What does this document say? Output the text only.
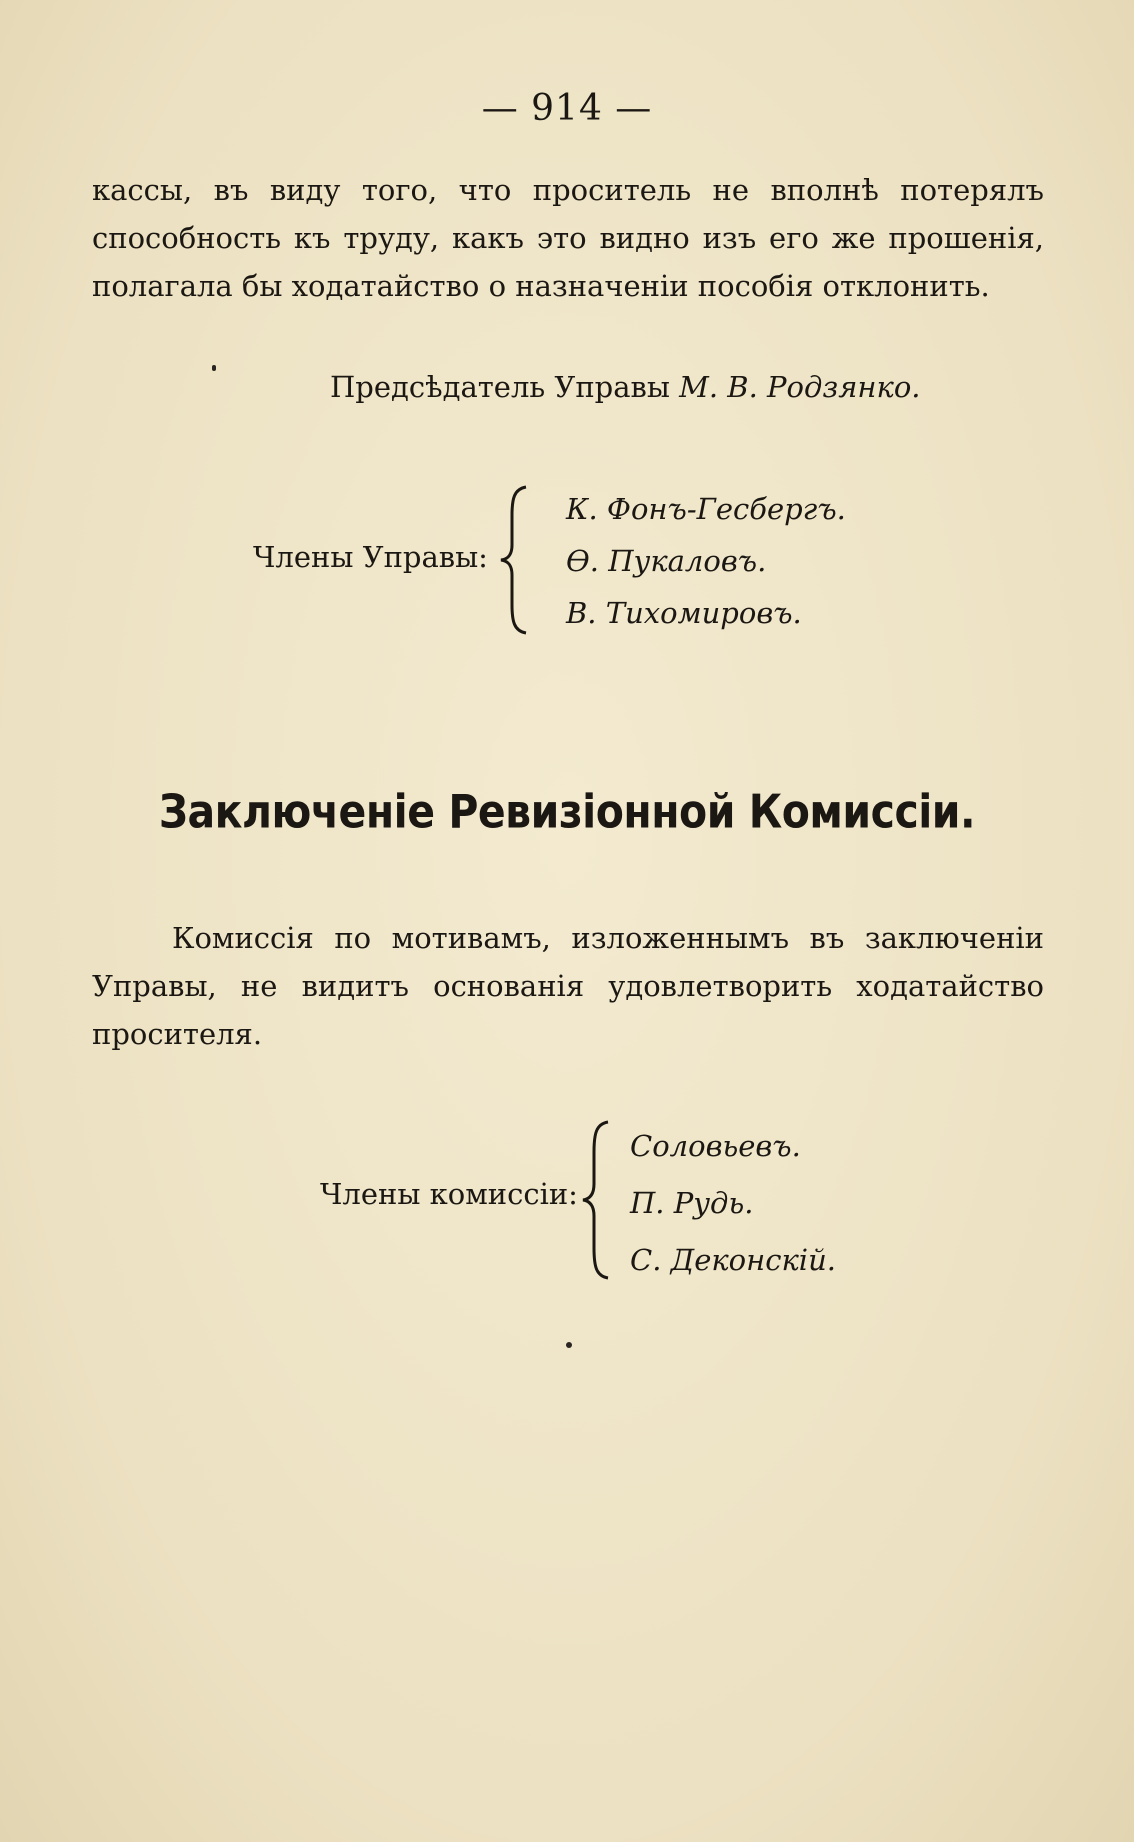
— 914 —
кассы, въ виду того, что проситель не вполнѣ потерялъ
способность къ труду, какъ это видно изъ его же прошенія,
полагала бы ходатайство о назначеніи пособія отклонить.
Предсѣдатель Управы М. В. Родзянко.
Члены Управы:
К. Фонъ-Гесбергъ.
Ѳ. Пукаловъ.
В. Тихомировъ.
Заключеніе Ревизіонной Комиссіи.
Комиссія по мотивамъ, изложеннымъ въ заключеніи
Управы, не видитъ основанія удовлетворить ходатайство
просителя.
Члены комиссіи:
Соловьевъ.
П. Рудь.
С. Деконскій.
